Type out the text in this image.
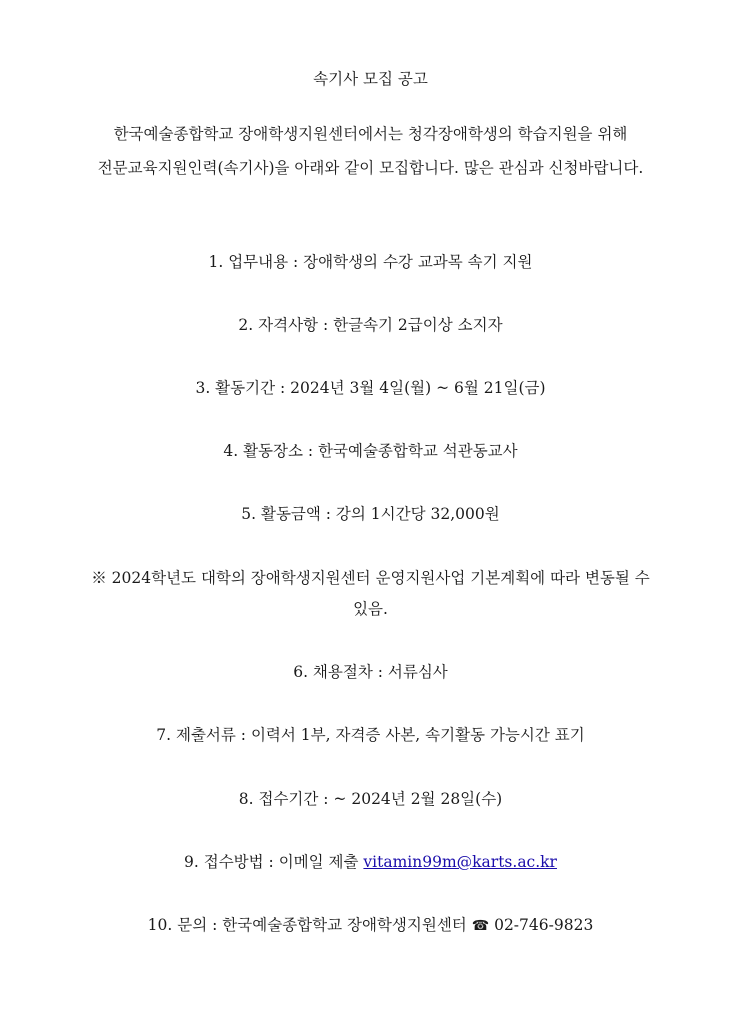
속기사 모집 공고
한국예술종합학교 장애학생지원센터에서는 청각장애학생의 학습지원을 위해
전문교육지원인력(속기사)을 아래와 같이 모집합니다. 많은 관심과 신청바랍니다.
1. 업무내용 : 장애학생의 수강 교과목 속기 지원
2. 자격사항 : 한글속기 2급이상 소지자
3. 활동기간 : 2024년 3월 4일(월) ~ 6월 21일(금)
4. 활동장소 : 한국예술종합학교 석관동교사
5. 활동금액 : 강의 1시간당 32,000원
※ 2024학년도 대학의 장애학생지원센터 운영지원사업 기본계획에 따라 변동될 수
있음.
6. 채용절차 : 서류심사
7. 제출서류 : 이력서 1부, 자격증 사본, 속기활동 가능시간 표기
8. 접수기간 : ~ 2024년 2월 28일(수)
9. 접수방법 : 이메일 제출 vitamin99m@karts.ac.kr
10. 문의 : 한국예술종합학교 장애학생지원센터 ☎ 02-746-9823
